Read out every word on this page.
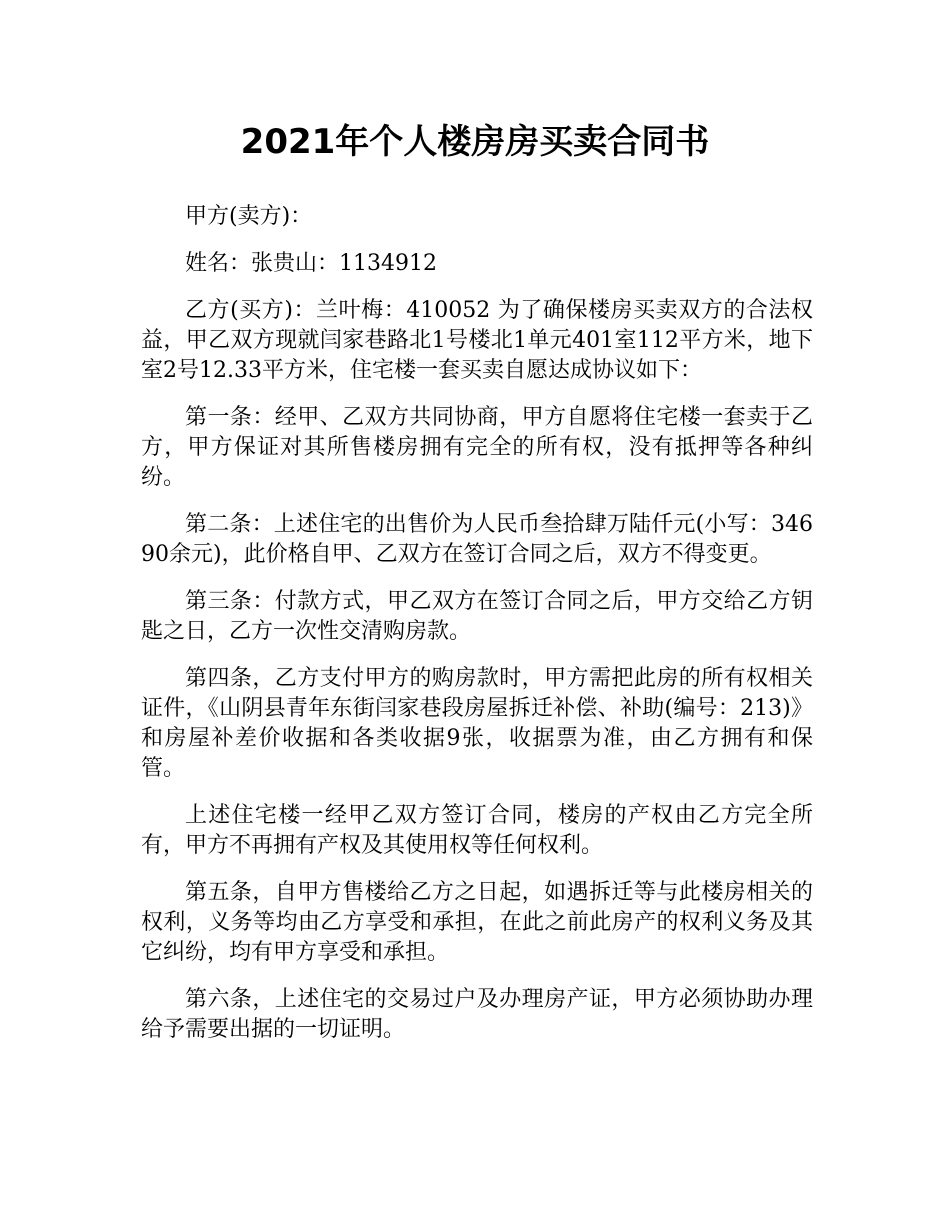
2021年个人楼房房买卖合同书

甲方(卖方)：

姓名：张贵山：1134912

乙方(买方)：兰叶梅：410052 为了确保楼房买卖双方的合法权益，甲乙双方现就闫家巷路北1号楼北1单元401室112平方米，地下室2号12.33平方米，住宅楼一套买卖自愿达成协议如下：

第一条：经甲、乙双方共同协商，甲方自愿将住宅楼一套卖于乙方，甲方保证对其所售楼房拥有完全的所有权，没有抵押等各种纠纷。

第二条：上述住宅的出售价为人民币叁拾肆万陆仟元(小写：34690余元)，此价格自甲、乙双方在签订合同之后，双方不得变更。

第三条：付款方式，甲乙双方在签订合同之后，甲方交给乙方钥匙之日，乙方一次性交清购房款。

第四条，乙方支付甲方的购房款时，甲方需把此房的所有权相关证件，《山阴县青年东街闫家巷段房屋拆迁补偿、补助(编号：213)》和房屋补差价收据和各类收据9张，收据票为准，由乙方拥有和保管。

上述住宅楼一经甲乙双方签订合同，楼房的产权由乙方完全所有，甲方不再拥有产权及其使用权等任何权利。

第五条，自甲方售楼给乙方之日起，如遇拆迁等与此楼房相关的权利，义务等均由乙方享受和承担，在此之前此房产的权利义务及其它纠纷，均有甲方享受和承担。

第六条，上述住宅的交易过户及办理房产证，甲方必须协助办理给予需要出据的一切证明。
